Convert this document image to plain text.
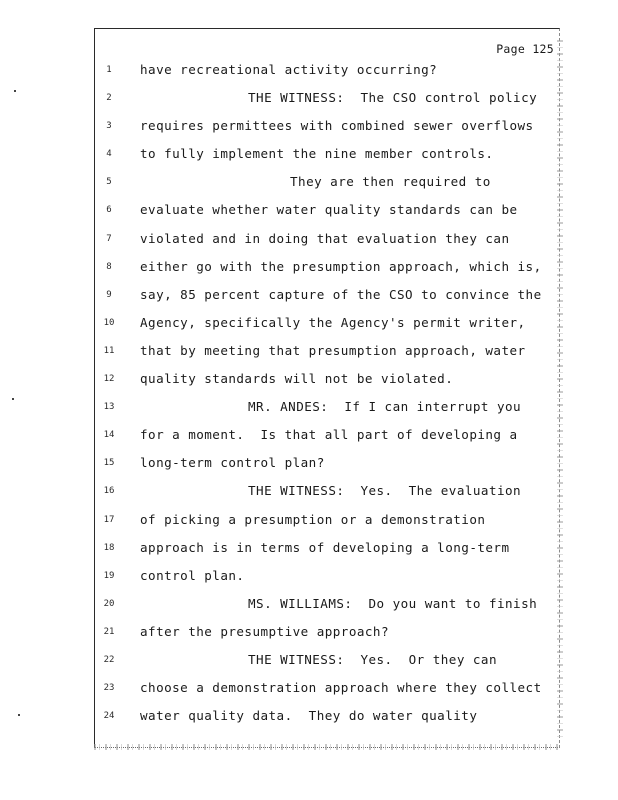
Page 125
1	have recreational activity occurring?
2	THE WITNESS:  The CSO control policy
3	requires permittees with combined sewer overflows
4	to fully implement the nine member controls.
5	They are then required to
6	evaluate whether water quality standards can be
7	violated and in doing that evaluation they can
8	either go with the presumption approach, which is,
9	say, 85 percent capture of the CSO to convince the
10	Agency, specifically the Agency's permit writer,
11	that by meeting that presumption approach, water
12	quality standards will not be violated.
13	MR. ANDES:  If I can interrupt you
14	for a moment.  Is that all part of developing a
15	long-term control plan?
16	THE WITNESS:  Yes.  The evaluation
17	of picking a presumption or a demonstration
18	approach is in terms of developing a long-term
19	control plan.
20	MS. WILLIAMS:  Do you want to finish
21	after the presumptive approach?
22	THE WITNESS:  Yes.  Or they can
23	choose a demonstration approach where they collect
24	water quality data.  They do water quality
